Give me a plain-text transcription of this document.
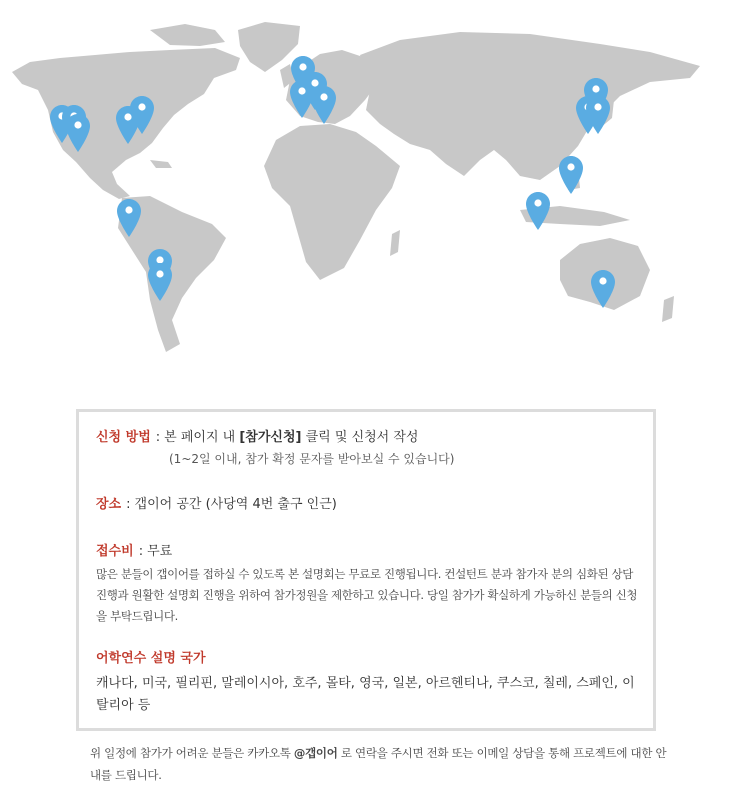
신청 방법 : 본 페이지 내 [참가신청] 클릭 및 신청서 작성
(1~2일 이내, 참가 확정 문자를 받아보실 수 있습니다)
장소 : 갭이어 공간 (사당역 4번 출구 인근)
접수비 : 무료
많은 분들이 갭이어를 접하실 수 있도록 본 설명회는 무료로 진행됩니다. 컨설턴트 분과 참가자 분의 심화된 상담 진행과 원활한 설명회 진행을 위하여 참가정원을 제한하고 있습니다. 당일 참가가 확실하게 가능하신 분들의 신청을 부탁드립니다.
어학연수 설명 국가
캐나다, 미국, 필리핀, 말레이시아, 호주, 몰타, 영국, 일본, 아르헨티나, 쿠스코, 칠레, 스페인, 이탈리아 등
위 일정에 참가가 어려운 분들은 카카오톡 @갭이어 로 연락을 주시면 전화 또는 이메일 상담을 통해 프로젝트에 대한 안내를 드립니다.
